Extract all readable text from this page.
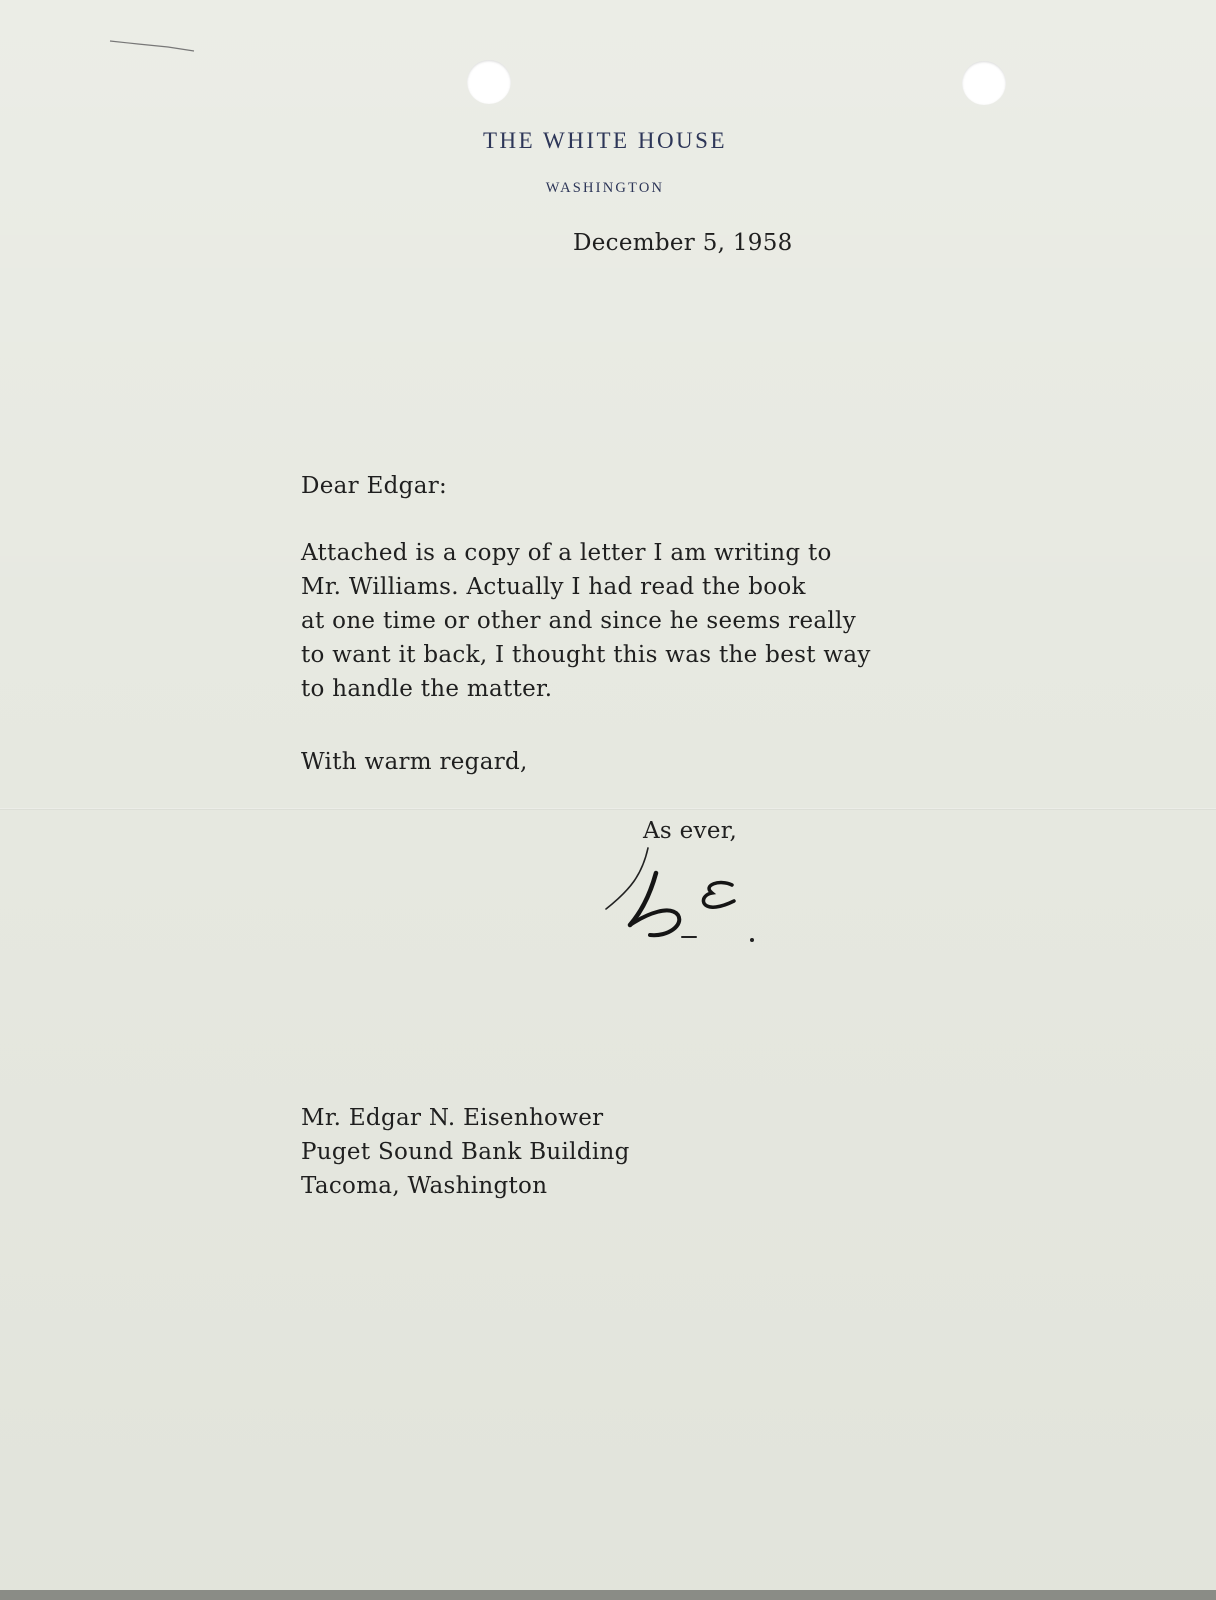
THE WHITE HOUSE
WASHINGTON
December 5, 1958
Dear Edgar:
Attached is a copy of a letter I am writing to
Mr. Williams. Actually I had read the book
at one time or other and since he seems really
to want it back, I thought this was the best way
to handle the matter.
With warm regard,
As ever,
Mr. Edgar N. Eisenhower
Puget Sound Bank Building
Tacoma, Washington
